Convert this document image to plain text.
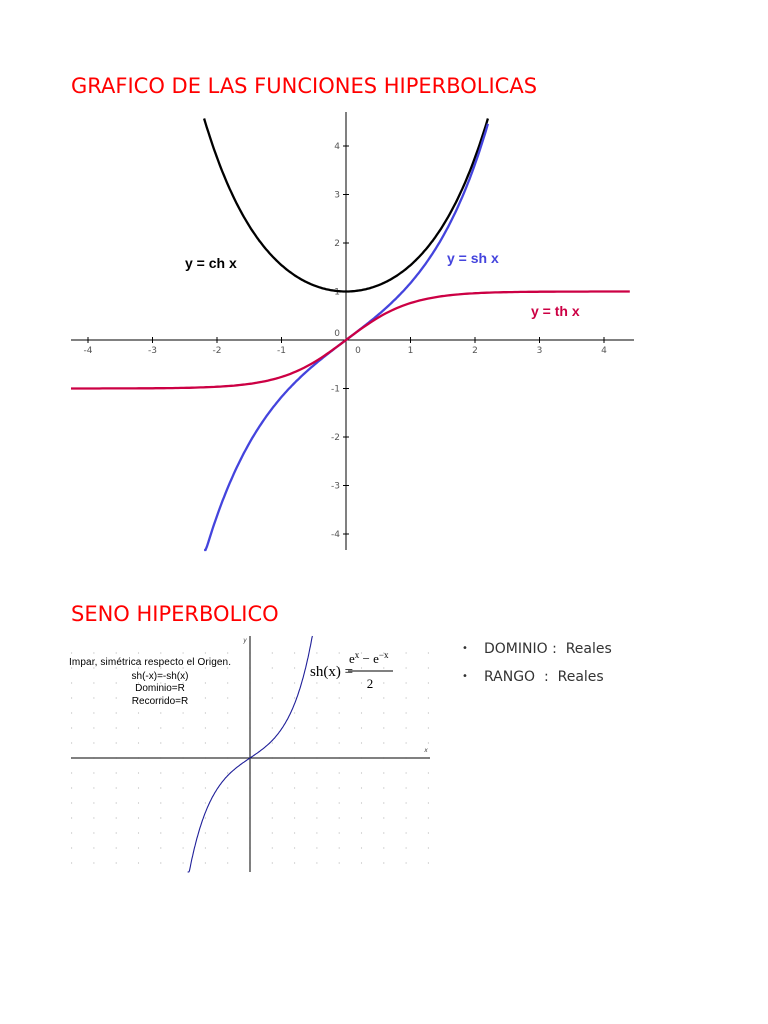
GRAFICO DE LAS FUNCIONES HIPERBOLICAS
-4	-3	-2	-1	0	1	2	3	4
-4
-3
-2
-1
0
1
2
3
4
y = ch x	y = sh x
y = th x
SENO HIPERBOLICO
x
y
Impar, simétrica respecto el Origen.
sh(-x)=-sh(x)
Dominio=R
Recorrido=R
sh(x) =
$e^x - e^{-x}$
2
• DOMINIO : Reales
• RANGO  : Reales
